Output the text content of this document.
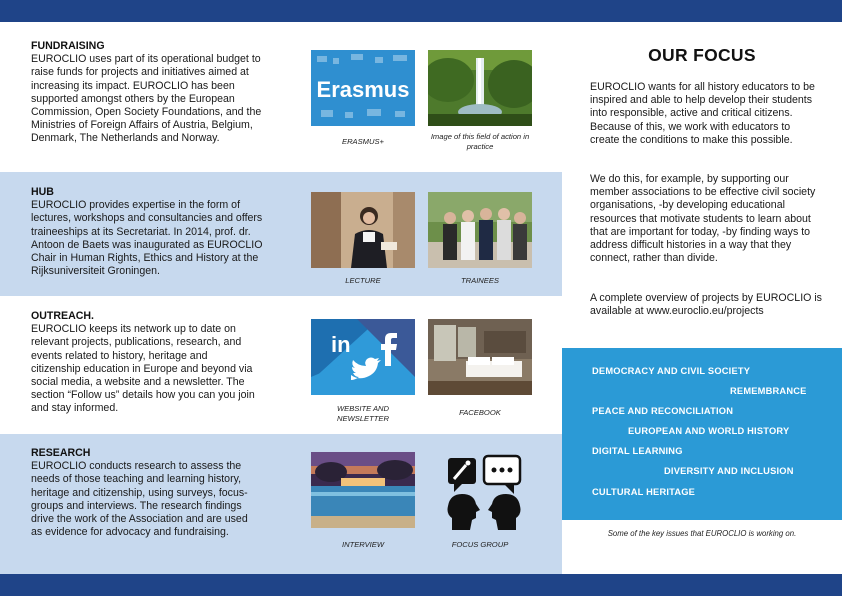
FUNDRAISING
EUROCLIO uses part of its operational budget to raise funds for projects and initiatives aimed at increasing its impact. EUROCLIO has been supported amongst others by the European Commission, Open Society Foundations, and the Ministries of Foreign Affairs of Austria, Belgium, Denmark, The Netherlands and Norway.
HUB
EUROCLIO provides expertise in the form of lectures, workshops and consultancies and offers traineeships at its Secretariat. In 2014, prof. dr. Antoon de Baets was inaugurated as EUROCLIO Chair in Human Rights, Ethics and History at the Rijksuniversiteit Groningen.
OUTREACH.
EUROCLIO keeps its network up to date on relevant projects, publications, research, and events related to history, heritage and citizenship education in Europe and beyond via social media, a website and a newsletter. The section “Follow us” details how you can you join and stay informed.
RESEARCH
EUROCLIO conducts research to assess the needs of those teaching and learning history, heritage and citizenship, using surveys, focus-groups and interviews. The research findings drive the work of the Association and are used as evidence for advocacy and fundraising.
Erasmus
ERASMUS+
Image of this field of action in practice
LECTURE	TRAINEES
in
WEBSITE AND NEWSLETTER
FACEBOOK
INTERVIEW	FOCUS GROUP
OUR FOCUS
EUROCLIO wants for all history educators to be inspired and able to help develop their students into responsible, active and critical citizens. Because of this, we work with educators to create the conditions to make this possible.
We do this, for example, by supporting our member associations to be effective civil society organisations, -by developing educational resources that motivate students to learn about that are important for today, -by finding ways to address difficult histories in a way that they connect, rather than divide.
A complete overview of projects by EUROCLIO is available at www.euroclio.eu/projects
DEMOCRACY AND CIVIL SOCIETY
REMEMBRANCE
PEACE AND RECONCILIATION
EUROPEAN AND WORLD HISTORY
DIGITAL LEARNING
DIVERSITY AND INCLUSION
CULTURAL HERITAGE
Some of the key issues that EUROCLIO is working on.
